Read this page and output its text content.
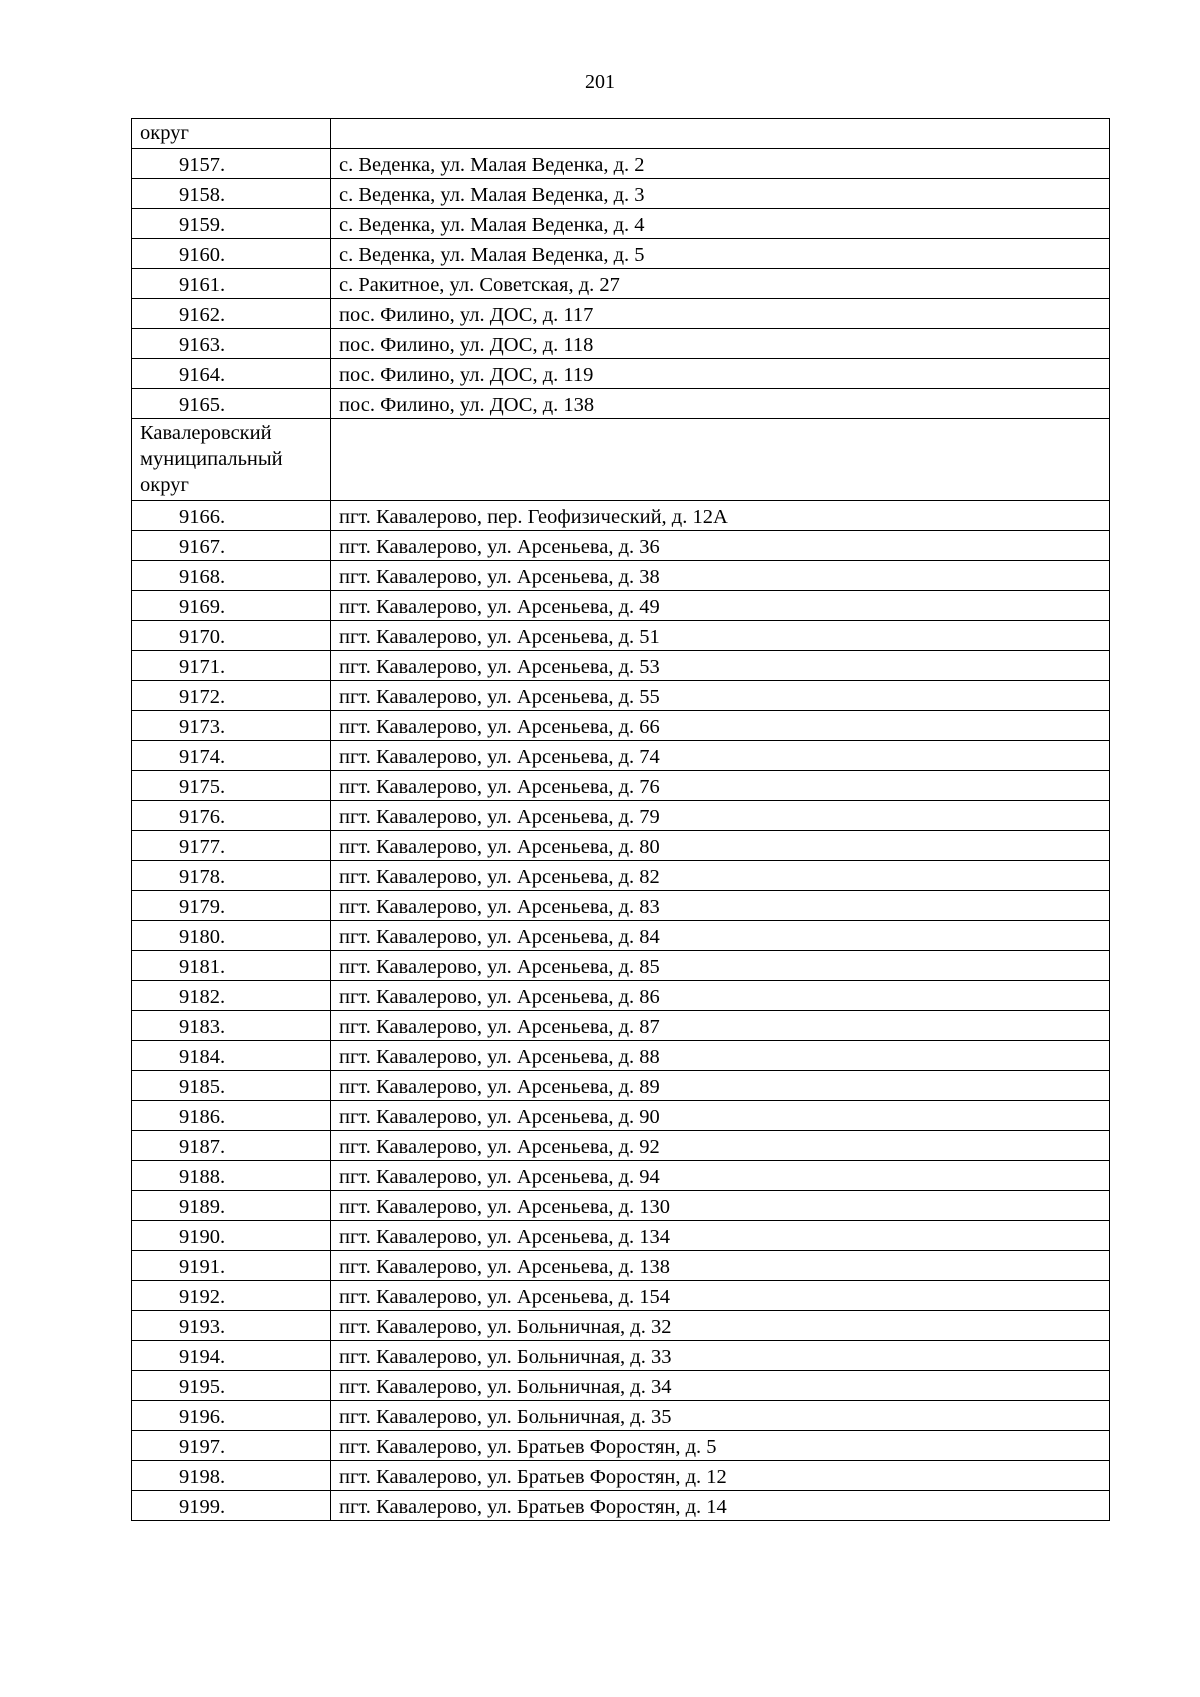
201
округ	
9157.	с. Веденка, ул. Малая Веденка, д. 2
9158.	с. Веденка, ул. Малая Веденка, д. 3
9159.	с. Веденка, ул. Малая Веденка, д. 4
9160.	с. Веденка, ул. Малая Веденка, д. 5
9161.	с. Ракитное, ул. Советская, д. 27
9162.	пос. Филино, ул. ДОС, д. 117
9163.	пос. Филино, ул. ДОС, д. 118
9164.	пос. Филино, ул. ДОС, д. 119
9165.	пос. Филино, ул. ДОС, д. 138

Кавалеровский
муниципальный
округ	

9166.	пгт. Кавалерово, пер. Геофизический, д. 12А
9167.	пгт. Кавалерово, ул. Арсеньева, д. 36
9168.	пгт. Кавалерово, ул. Арсеньева, д. 38
9169.	пгт. Кавалерово, ул. Арсеньева, д. 49
9170.	пгт. Кавалерово, ул. Арсеньева, д. 51
9171.	пгт. Кавалерово, ул. Арсеньева, д. 53
9172.	пгт. Кавалерово, ул. Арсеньева, д. 55
9173.	пгт. Кавалерово, ул. Арсеньева, д. 66
9174.	пгт. Кавалерово, ул. Арсеньева, д. 74
9175.	пгт. Кавалерово, ул. Арсеньева, д. 76
9176.	пгт. Кавалерово, ул. Арсеньева, д. 79
9177.	пгт. Кавалерово, ул. Арсеньева, д. 80
9178.	пгт. Кавалерово, ул. Арсеньева, д. 82
9179.	пгт. Кавалерово, ул. Арсеньева, д. 83
9180.	пгт. Кавалерово, ул. Арсеньева, д. 84
9181.	пгт. Кавалерово, ул. Арсеньева, д. 85
9182.	пгт. Кавалерово, ул. Арсеньева, д. 86
9183.	пгт. Кавалерово, ул. Арсеньева, д. 87
9184.	пгт. Кавалерово, ул. Арсеньева, д. 88
9185.	пгт. Кавалерово, ул. Арсеньева, д. 89
9186.	пгт. Кавалерово, ул. Арсеньева, д. 90
9187.	пгт. Кавалерово, ул. Арсеньева, д. 92
9188.	пгт. Кавалерово, ул. Арсеньева, д. 94
9189.	пгт. Кавалерово, ул. Арсеньева, д. 130
9190.	пгт. Кавалерово, ул. Арсеньева, д. 134
9191.	пгт. Кавалерово, ул. Арсеньева, д. 138
9192.	пгт. Кавалерово, ул. Арсеньева, д. 154
9193.	пгт. Кавалерово, ул. Больничная, д. 32
9194.	пгт. Кавалерово, ул. Больничная, д. 33
9195.	пгт. Кавалерово, ул. Больничная, д. 34
9196.	пгт. Кавалерово, ул. Больничная, д. 35
9197.	пгт. Кавалерово, ул. Братьев Форостян, д. 5
9198.	пгт. Кавалерово, ул. Братьев Форостян, д. 12
9199.	пгт. Кавалерово, ул. Братьев Форостян, д. 14
